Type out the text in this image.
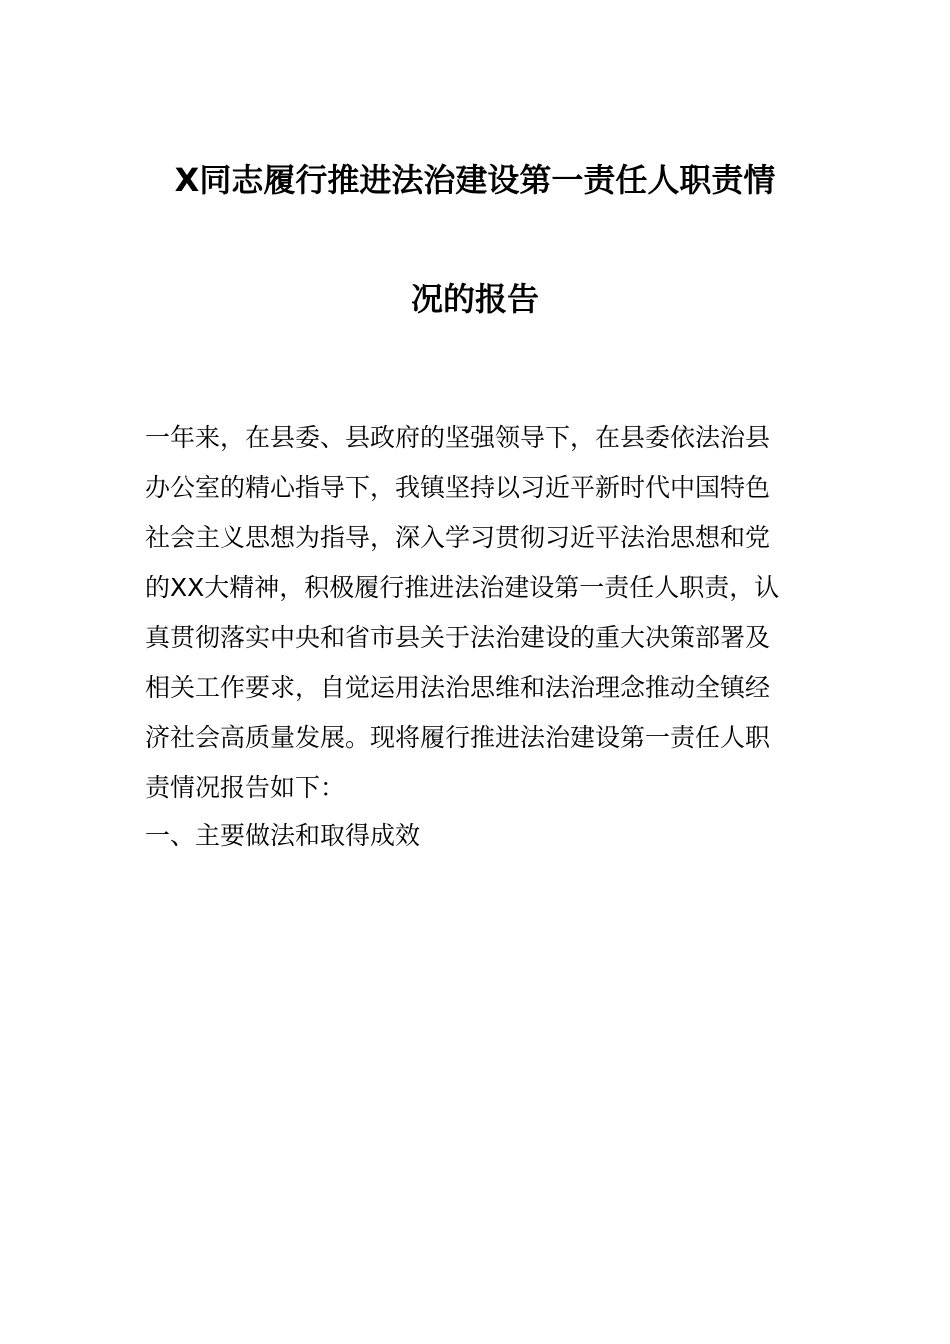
X同志履行推进法治建设第一责任人职责情
况的报告
一年来，在县委、县政府的坚强领导下，在县委依法治县
办公室的精心指导下，我镇坚持以习近平新时代中国特色
社会主义思想为指导，深入学习贯彻习近平法治思想和党
的XX大精神，积极履行推进法治建设第一责任人职责，认
真贯彻落实中央和省市县关于法治建设的重大决策部署及
相关工作要求，自觉运用法治思维和法治理念推动全镇经
济社会高质量发展。现将履行推进法治建设第一责任人职
责情况报告如下：
一、主要做法和取得成效
